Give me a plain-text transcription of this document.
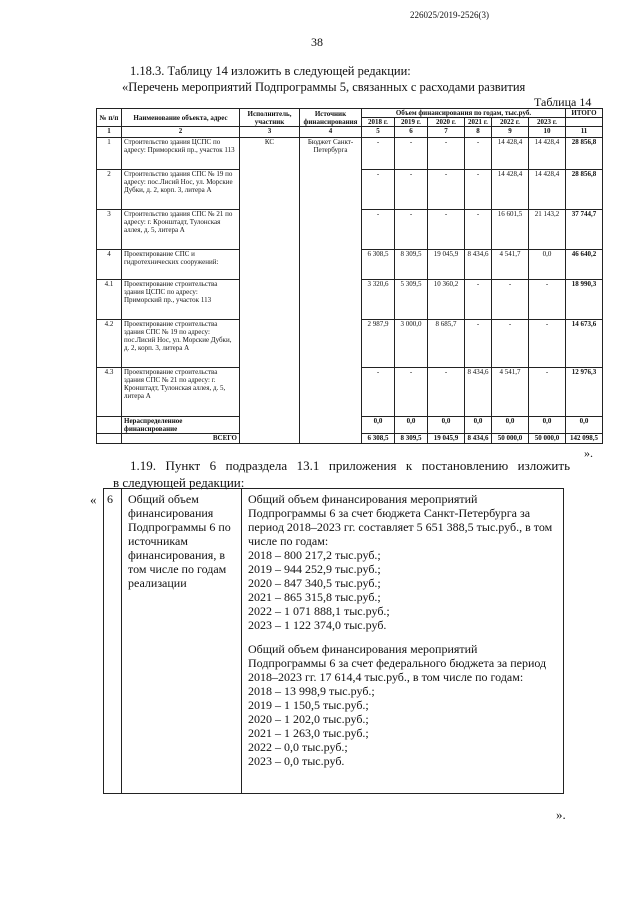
226025/2019-2526(3)
38
1.18.3. Таблицу 14 изложить в следующей редакции:
«Перечень мероприятий Подпрограммы 5, связанных с расходами развития
Таблица 14
№ п/п	Наименование объекта, адрес	Исполнитель, участник	Источник финансирования	Объем финансирования по годам, тыс.руб.						ИТОГО
				2018 г.	2019 г.	2020 г.	2021 г.	2022 г.	2023 г.	
1	2	3	4	5	6	7	8	9	10	11
1	Строительство здания ЦСПС по адресу: Приморский пр., участок 113	КС	Бюджет Санкт-Петербурга	-	-	-	-	14 428,4	14 428,4	28 856,8
2	Строительство здания СПС № 19 по адресу: пос.Лисий Нос, ул. Морские Дубки, д. 2, корп. 3, литера А			-	-	-	-	14 428,4	14 428,4	28 856,8
3	Строительство здания СПС № 21 по адресу: г. Кронштадт, Тулонская аллея, д. 5, литера А			-	-	-	-	16 601,5	21 143,2	37 744,7
4	Проектирование СПС и гидротехнических сооружений:			6 308,5	8 309,5	19 045,9	8 434,6	4 541,7	0,0	46 640,2
4.1	Проектирование строительства здания ЦСПС по адресу: Приморский пр., участок 113			3 320,6	5 309,5	10 360,2	-	-	-	18 990,3
4.2	Проектирование строительства здания СПС № 19 по адресу: пос.Лисий Нос, ул. Морские Дубки, д. 2, корп. 3, литера А			2 987,9	3 000,0	8 685,7	-	-	-	14 673,6
4.3	Проектирование строительства здания СПС № 21 по адресу: г. Кронштадт, Тулонская аллея, д. 5, литера А			-	-	-	8 434,6	4 541,7	-	12 976,3
	Нераспределенное финансирование			0,0	0,0	0,0	0,0	0,0	0,0	0,0
	ВСЕГО			6 308,5	8 309,5	19 045,9	8 434,6	50 000,0	50 000,0	142 098,5
».
1.19. Пункт 6 подраздела 13.1 приложения к постановлению изложить
в следующей редакции:
« 6	Общий объем финансирования Подпрограммы 6 по источникам финансирования, в том числе по годам реализации	
Общий объем финансирования мероприятий Подпрограммы 6 за счет бюджета Санкт-Петербурга за период 2018–2023 гг. составляет 5 651 388,5 тыс.руб., в том числе по годам:
2018 – 800 217,2 тыс.руб.;
2019 – 944 252,9 тыс.руб.;
2020 – 847 340,5 тыс.руб.;
2021 – 865 315,8 тыс.руб.;
2022 – 1 071 888,1 тыс.руб.;
2023 – 1 122 374,0 тыс.руб.
Общий объем финансирования мероприятий Подпрограммы 6 за счет федерального бюджета за период 2018–2023 гг. 17 614,4 тыс.руб., в том числе по годам:
2018 – 13 998,9 тыс.руб.;
2019 – 1 150,5 тыс.руб.;
2020 – 1 202,0 тыс.руб.;
2021 – 1 263,0 тыс.руб.;
2022 – 0,0 тыс.руб.;
2023 – 0,0 тыс.руб.
».
